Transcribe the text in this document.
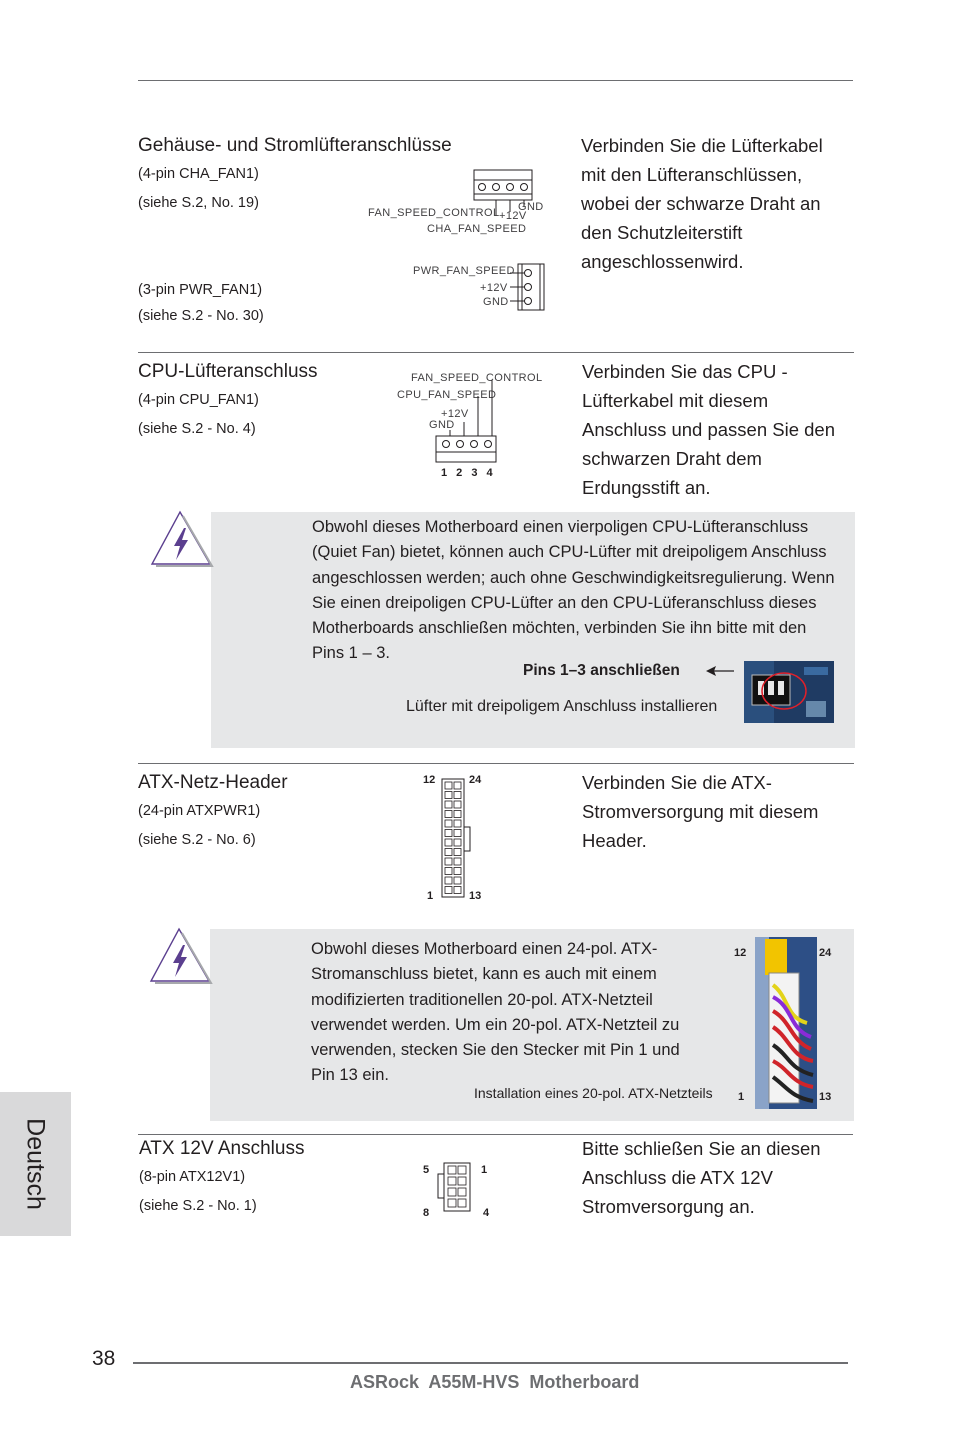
Gehäuse- und Stromlüfteranschlüsse
(4-pin CHA_FAN1)
(siehe S.2, No. 19)
(3-pin PWR_FAN1)
(siehe S.2 - No. 30)
GND
+12V
FAN_SPEED_CONTROL
CHA_FAN_SPEED
PWR_FAN_SPEED
+12V
GND
Verbinden Sie die Lüfterkabel
mit den Lüfteranschlüssen,
wobei der schwarze Draht an
den Schutzleiterstift
angeschlossenwird.
CPU-Lüfteranschluss
(4-pin CPU_FAN1)
(siehe S.2 - No. 4)
FAN_SPEED_CONTROL
CPU_FAN_SPEED
+12V
GND
1 2 3 4
Verbinden Sie das CPU -
Lüfterkabel mit diesem
Anschluss und passen Sie den
schwarzen Draht dem
Erdungsstift an.
Obwohl dieses Motherboard einen vierpoligen CPU-Lüfteranschluss
(Quiet Fan) bietet, können auch CPU-Lüfter mit dreipoligem Anschluss
angeschlossen werden; auch ohne Geschwindigkeitsregulierung. Wenn
Sie einen dreipoligen CPU-Lüfter an den CPU-Lüferanschluss dieses
Motherboards anschließen möchten, verbinden Sie ihn bitte mit den
Pins 1 – 3.
Pins 1–3 anschließen
Lüfter mit dreipoligem Anschluss installieren
ATX-Netz-Header
(24-pin ATXPWR1)
(siehe S.2 - No. 6)
12	24
1	13
Verbinden Sie die ATX-
Stromversorgung mit diesem
Header.
Obwohl dieses Motherboard einen 24-pol. ATX-
Stromanschluss bietet, kann es auch mit einem
modifizierten traditionellen 20-pol. ATX-Netzteil
verwendet werden. Um ein 20-pol. ATX-Netzteil zu
verwenden, stecken Sie den Stecker mit Pin 1 und
Pin 13 ein.
Installation eines 20-pol. ATX-Netzteils
12	24
1	13
ATX 12V Anschluss
(8-pin ATX12V1)
(siehe S.2 - No. 1)
5	1
8	4
Bitte schließen Sie an diesen
Anschluss die ATX 12V
Stromversorgung an.
Deutsch
38
ASRock  A55M-HVS  Motherboard
